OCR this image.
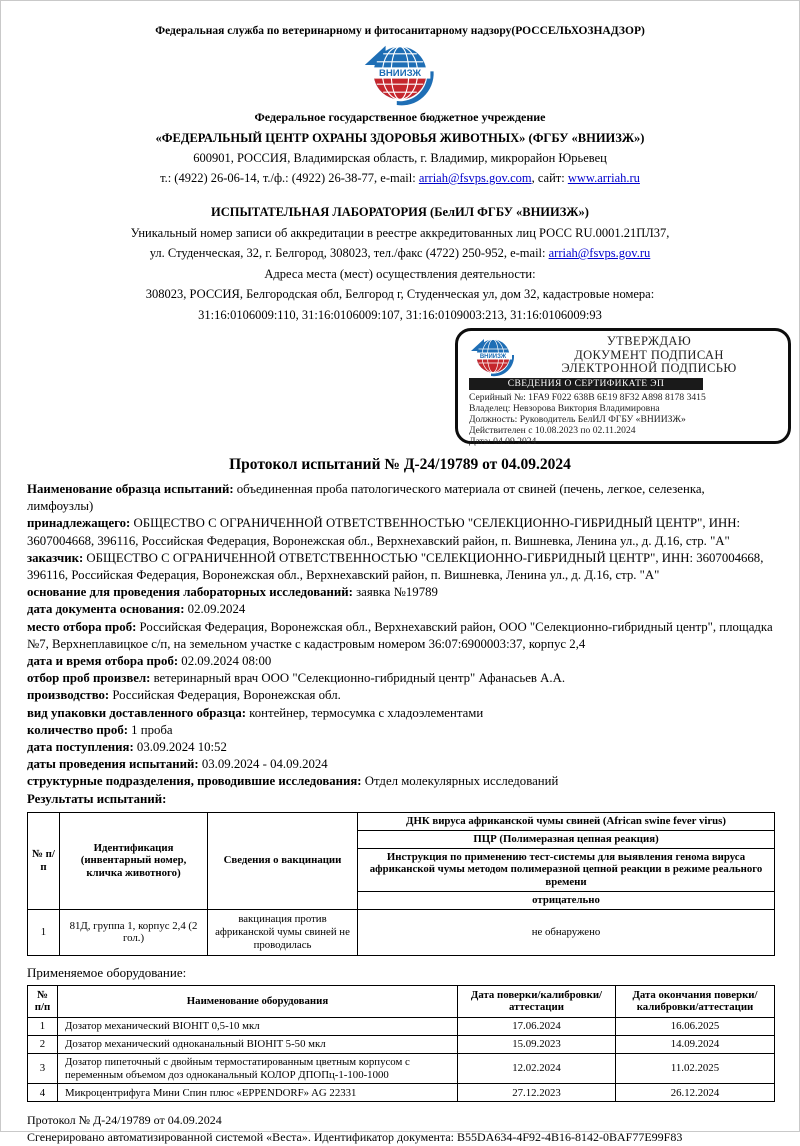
Федеральная служба по ветеринарному и фитосанитарному надзору(РОССЕЛЬХОЗНАДЗОР)
ВНИИЗЖ
Федеральное государственное бюджетное учреждение
«ФЕДЕРАЛЬНЫЙ ЦЕНТР ОХРАНЫ ЗДОРОВЬЯ ЖИВОТНЫХ» (ФГБУ «ВНИИЗЖ»)
600901, РОССИЯ, Владимирская область, г. Владимир, микрорайон Юрьевец
т.: (4922) 26-06-14, т./ф.: (4922) 26-38-77, e-mail: arriah@fsvps.gov.com, сайт: www.arriah.ru
ИСПЫТАТЕЛЬНАЯ ЛАБОРАТОРИЯ (БелИЛ ФГБУ «ВНИИЗЖ»)
Уникальный номер записи об аккредитации в реестре аккредитованных лиц РОСС RU.0001.21ПЛ37,
ул. Студенческая, 32, г. Белгород, 308023, тел./факс (4722) 250-952, e-mail: arriah@fsvps.gov.ru
Адреса места (мест) осуществления деятельности:
308023, РОССИЯ, Белгородская обл, Белгород г, Студенческая ул, дом 32, кадастровые номера:
31:16:0106009:110, 31:16:0106009:107, 31:16:0109003:213, 31:16:0106009:93
ВНИИЗЖ
УТВЕРЖДАЮ
ДОКУМЕНТ ПОДПИСАН
ЭЛЕКТРОННОЙ ПОДПИСЬЮ
СВЕДЕНИЯ О СЕРТИФИКАТЕ ЭП
Серийный №: 1FA9 F022 638B 6E19 8F32 A898 8178 3415
Владелец: Невзорова Виктория Владимировна
Должность: Руководитель БелИЛ ФГБУ «ВНИИЗЖ»
Действителен с 10.08.2023 по 02.11.2024
Дата: 04.09.2024
Протокол испытаний № Д-24/19789 от 04.09.2024

Наименование образца испытаний: объединенная проба патологического материала от свиней (печень, легкое, селезенка, лимфоузлы)

принадлежащего: ОБЩЕСТВО С ОГРАНИЧЕННОЙ ОТВЕТСТВЕННОСТЬЮ "СЕЛЕКЦИОННО-ГИБРИДНЫЙ ЦЕНТР", ИНН: 3607004668, 396116, Российская Федерация, Воронежская обл., Верхнехавский район, п. Вишневка, Ленина ул., д. Д.16, стр. "А"

заказчик: ОБЩЕСТВО С ОГРАНИЧЕННОЙ ОТВЕТСТВЕННОСТЬЮ "СЕЛЕКЦИОННО-ГИБРИДНЫЙ ЦЕНТР", ИНН: 3607004668, 396116, Российская Федерация, Воронежская обл., Верхнехавский район, п. Вишневка, Ленина ул., д. Д.16, стр. "А"

основание для проведения лабораторных исследований: заявка №19789

дата документа основания: 02.09.2024

место отбора проб: Российская Федерация, Воронежская обл., Верхнехавский район, ООО "Селекционно-гибридный центр", площадка №7, Верхнеплавицкое с/п, на земельном участке с кадастровым номером 36:07:6900003:37, корпус 2,4

дата и время отбора проб: 02.09.2024 08:00

отбор проб произвел: ветеринарный врач ООО "Селекционно-гибридный центр" Афанасьев А.А.

производство: Российская Федерация, Воронежская обл.

вид упаковки доставленного образца: контейнер, термосумка с хладоэлементами

количество проб: 1 проба

дата поступления: 03.09.2024 10:52

даты проведения испытаний: 03.09.2024 - 04.09.2024

структурные подразделения, проводившие исследования: Отдел молекулярных исследований

Результаты испытаний:

№ п/п	Идентификация (инвентарный номер, кличка животного)	Сведения о вакцинации	ДНК вируса африканской чумы свиней (African swine fever virus)
			ПЦР (Полимеразная цепная реакция)
			Инструкция по применению тест-системы для выявления генома вируса африканской чумы методом полимеразной цепной реакции в режиме реального времени
			отрицательно
1	81Д, группа 1, корпус 2,4 (2 гол.)	вакцинация против африканской чумы свиней не проводилась	не обнаружено
Применяемое оборудование:
№ п/п	Наименование оборудования	Дата поверки/калибровки/аттестации	Дата окончания поверки/калибровки/аттестации
1	Дозатор механический BIOHIT 0,5-10 мкл	17.06.2024	16.06.2025
2	Дозатор механический одноканальный BIOHIT 5-50 мкл	15.09.2023	14.09.2024
3	Дозатор пипеточный с двойным термостатированным цветным корпусом с переменным объемом доз одноканальный КОЛОР ДПОПц-1-100-1000	12.02.2024	11.02.2025
4	Микроцентрифуга Мини Спин плюс «EPPENDORF» AG 22331	27.12.2023	26.12.2024
Протокол № Д-24/19789 от 04.09.2024
Сгенерировано автоматизированной системой «Веста». Идентификатор документа: B55DA634-4F92-4B16-8142-0BAF77E99F83
